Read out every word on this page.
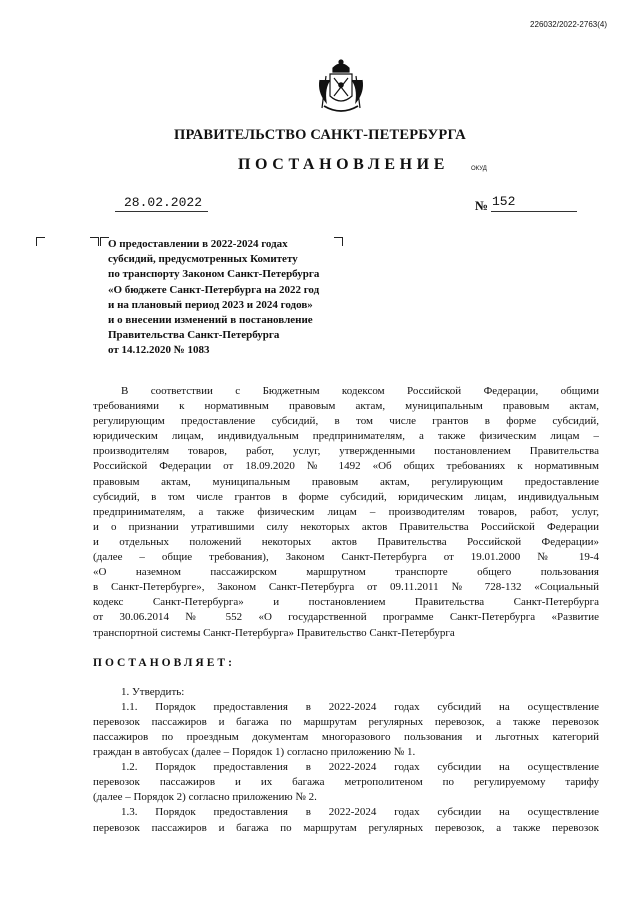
226032/2022-2763(4)
ПРАВИТЕЛЬСТВО САНКТ-ПЕТЕРБУРГА
ПОСТАНОВЛЕНИЕ	ОКУД
28.02.2022	№ 152
О предоставлении в 2022-2024 годах
субсидий, предусмотренных Комитету
по транспорту Законом Санкт-Петербурга
«О бюджете Санкт-Петербурга на 2022 год
и на плановый период 2023 и 2024 годов»
и о внесении изменений в постановление
Правительства Санкт-Петербурга
от 14.12.2020 № 1083
В соответствии с Бюджетным кодексом Российской Федерации, общими
требованиями к нормативным правовым актам, муниципальным правовым актам,
регулирующим предоставление субсидий, в том числе грантов в форме субсидий,
юридическим лицам, индивидуальным предпринимателям, а также физическим лицам –
производителям товаров, работ, услуг, утвержденными постановлением Правительства
Российской Федерации от 18.09.2020 № 1492 «Об общих требованиях к нормативным
правовым актам, муниципальным правовым актам, регулирующим предоставление
субсидий, в том числе грантов в форме субсидий, юридическим лицам, индивидуальным
предпринимателям, а также физическим лицам – производителям товаров, работ, услуг,
и о признании утратившими силу некоторых актов Правительства Российской Федерации
и отдельных положений некоторых актов Правительства Российской Федерации»
(далее – общие требования), Законом Санкт-Петербурга от 19.01.2000 № 19-4
«О наземном пассажирском маршрутном транспорте общего пользования
в Санкт-Петербурге», Законом Санкт-Петербурга от 09.11.2011 № 728-132 «Социальный
кодекс Санкт-Петербурга» и постановлением Правительства Санкт-Петербурга
от 30.06.2014 № 552 «О государственной программе Санкт-Петербурга «Развитие
транспортной системы Санкт-Петербурга» Правительство Санкт-Петербурга
ПОСТАНОВЛЯЕТ:
1. Утвердить:
1.1. Порядок предоставления в 2022-2024 годах субсидий на осуществление
перевозок пассажиров и багажа по маршрутам регулярных перевозок, а также перевозок
пассажиров по проездным документам многоразового пользования и льготных категорий
граждан в автобусах (далее – Порядок 1) согласно приложению № 1.
1.2. Порядок предоставления в 2022-2024 годах субсидии на осуществление
перевозок пассажиров и их багажа метрополитеном по регулируемому тарифу
(далее – Порядок 2) согласно приложению № 2.
1.3. Порядок предоставления в 2022-2024 годах субсидии на осуществление
перевозок пассажиров и багажа по маршрутам регулярных перевозок, а также перевозок
